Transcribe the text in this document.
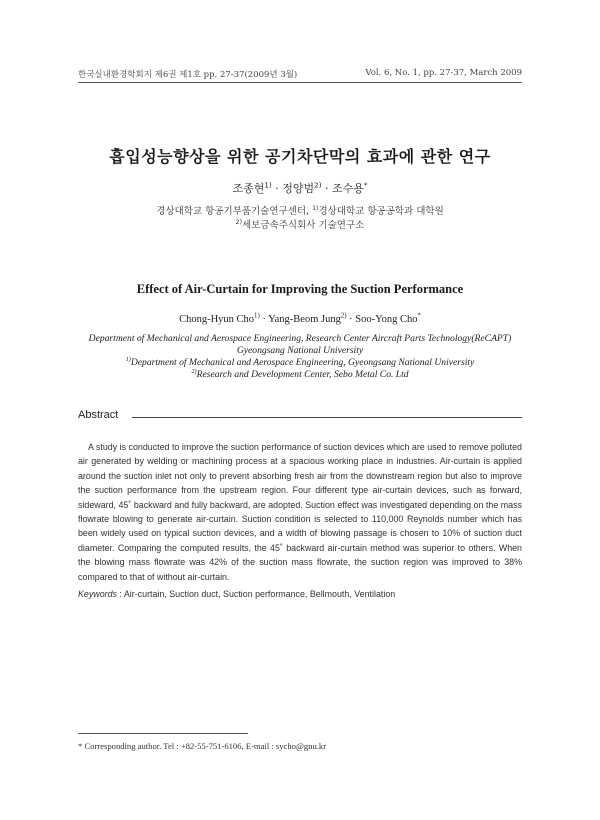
한국실내환경학회지 제6권 제1호 pp. 27-37(2009년 3월)	Vol. 6, No. 1, pp. 27-37, March 2009
흡입성능향상을 위한 공기차단막의 효과에 관한 연구
조종현$^{1)}$ · 정양범$^{2)}$ · 조수용*
경상대학교 항공기부품기술연구센터, $^{1)}$경상대학교 항공공학과 대학원
$^{2)}$세보금속주식회사 기술연구소
Effect of Air-Curtain for Improving the Suction Performance
Chong-Hyun Cho$^{1)}$ · Yang-Beom Jung$^{2)}$ · Soo-Yong Cho*
Department of Mechanical and Aerospace Engineering, Research Center Aircraft Parts Technology(ReCAPT)
Gyeongsang National University
$^{1)}$Department of Mechanical and Aerospace Engineering, Gyeongsang National University
$^{2)}$Research and Development Center, Sebo Metal Co. Ltd
Abstract
A study is conducted to improve the suction performance of suction devices which are used to remove polluted air generated by welding or machining process at a spacious working place in industries. Air-curtain is applied around the suction inlet not only to prevent absorbing fresh air from the downstream region but also to improve the suction performance from the upstream region. Four different type air-curtain devices, such as forward, sideward, 45˚ backward and fully backward, are adopted. Suction effect was investigated depending on the mass flowrate blowing to generate air-curtain. Suction condition is selected to 110,000 Reynolds number which has been widely used on typical suction devices, and a width of blowing passage is chosen to 10% of suction duct diameter. Comparing the computed results, the 45˚ backward air-curtain method was superior to others. When the blowing mass flowrate was 42% of the suction mass flowrate, the suction region was improved to 38% compared to that of without air-curtain.
Keywords : Air-curtain, Suction duct, Suction performance, Bellmouth, Ventilation
* Corresponding author. Tel : +82-55-751-6106, E-mail : sycho@gnu.kr
